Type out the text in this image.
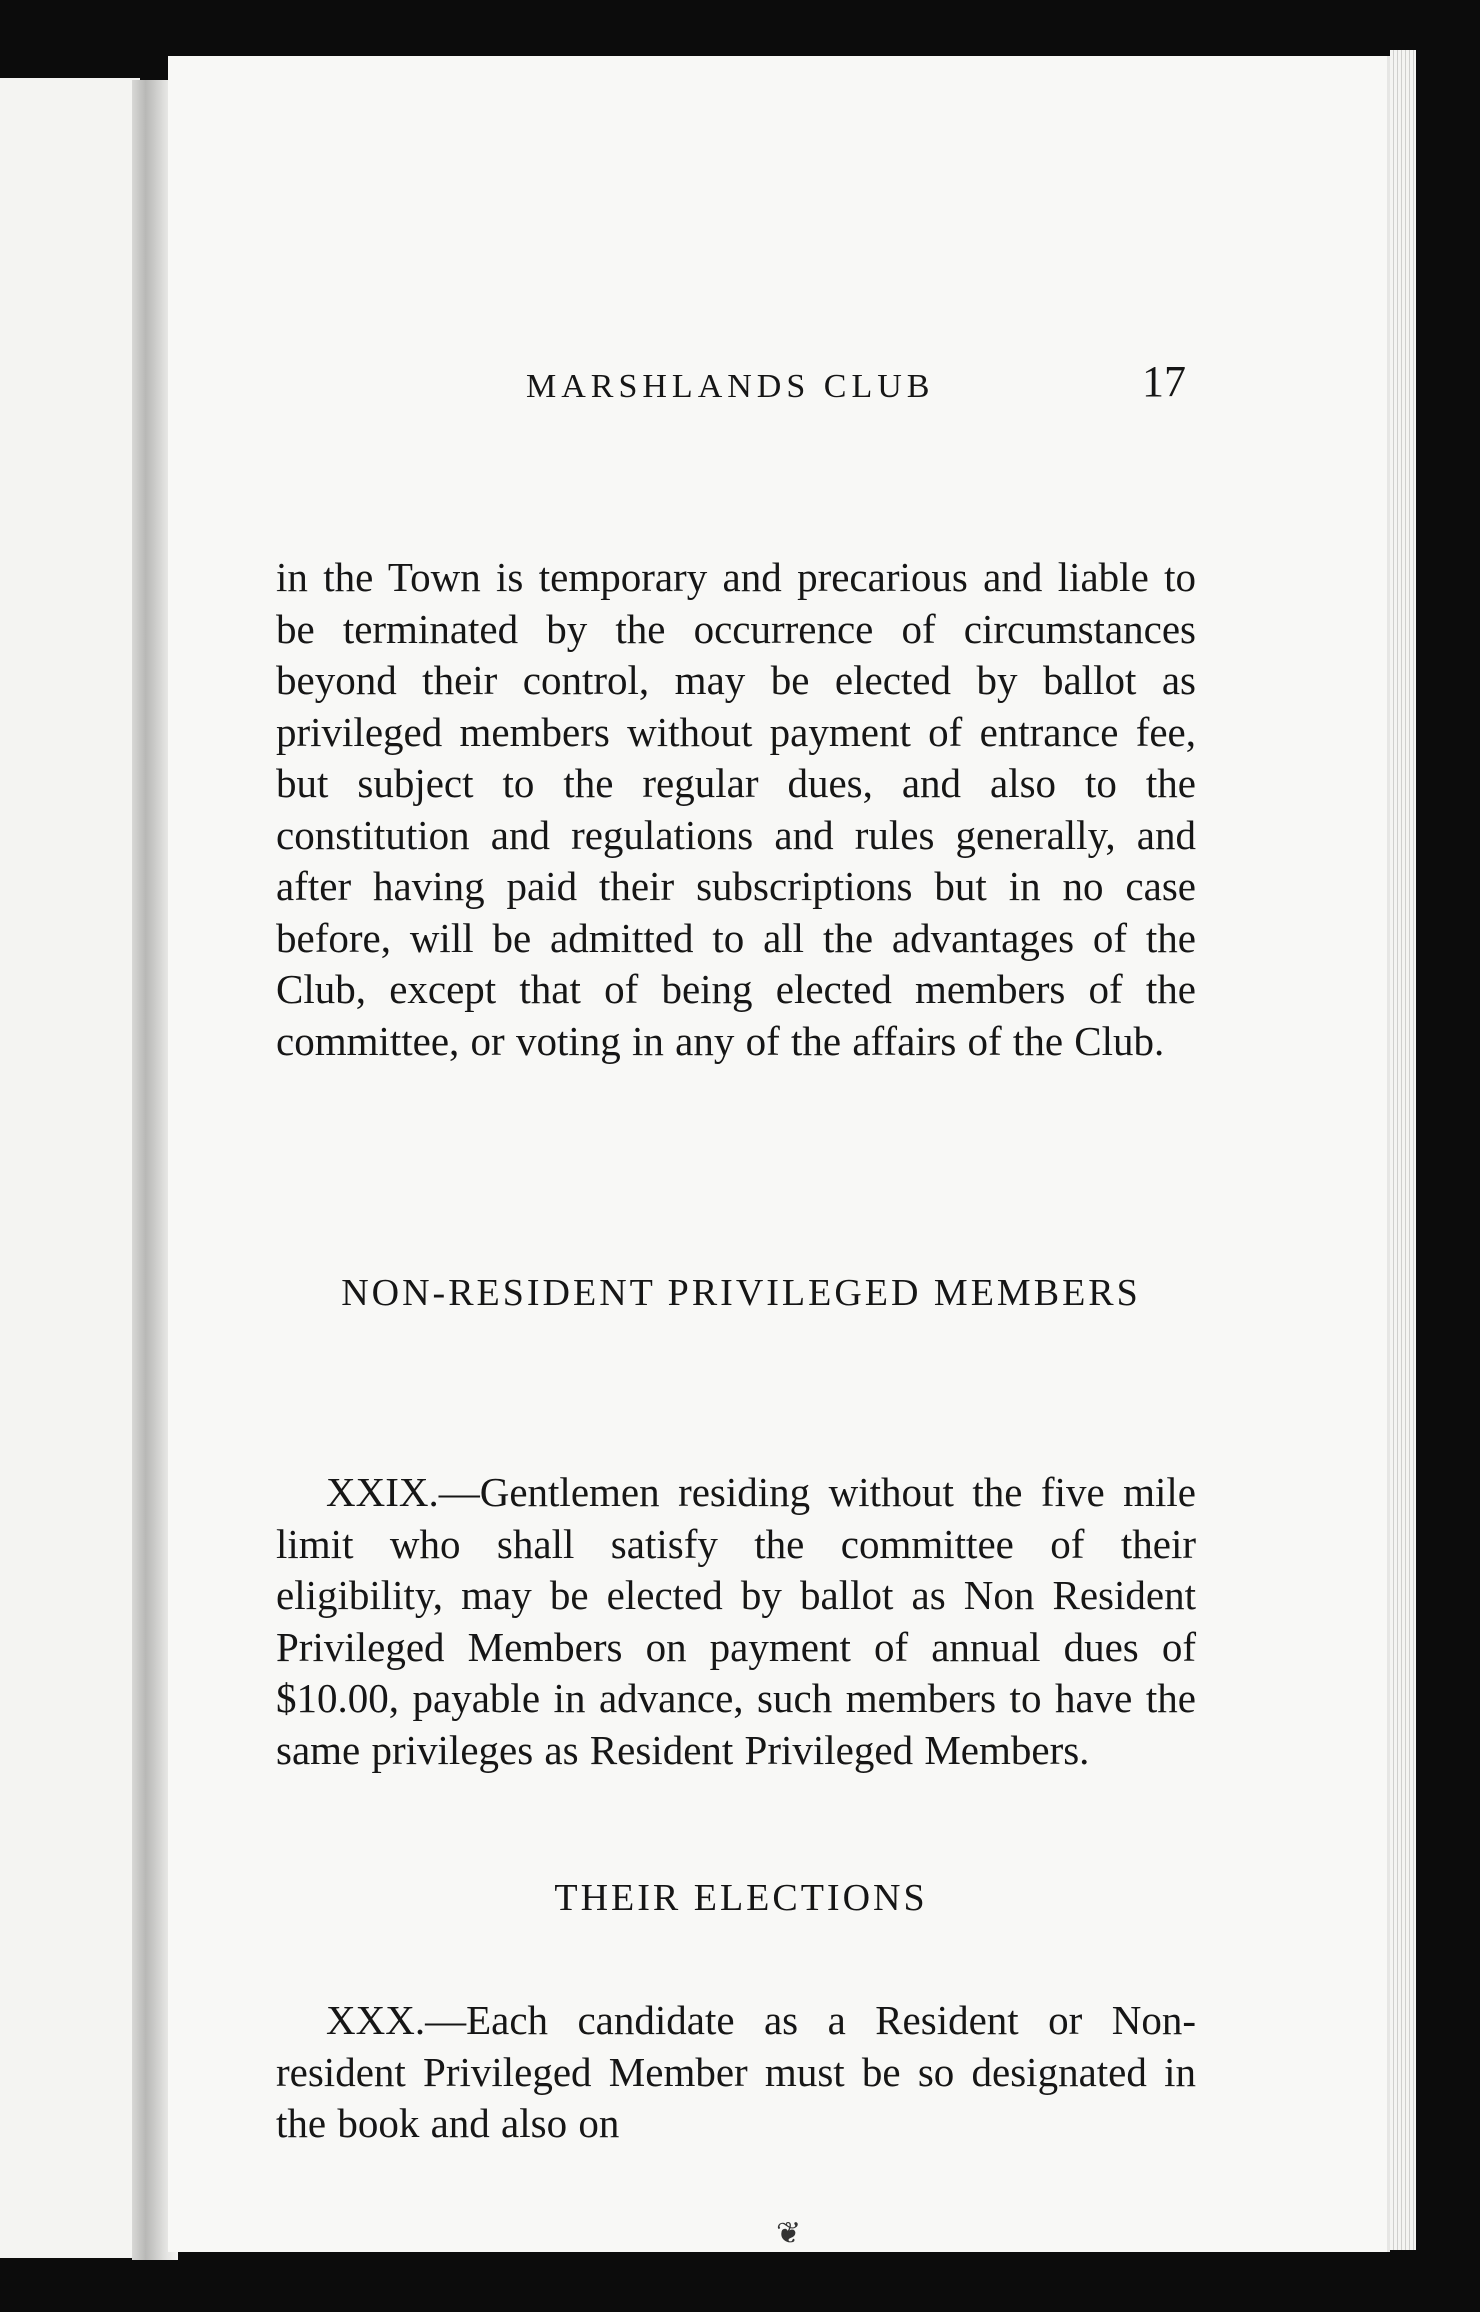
MARSHLANDS CLUB	17

in the Town is temporary and precarious and liable to be terminated by the occurrence of circumstances beyond their control, may be elected by ballot as privileged members without payment of entrance fee, but subject to the regular dues, and also to the constitution and regulations and rules generally, and after having paid their subscriptions but in no case before, will be admitted to all the advantages of the Club, except that of being elected members of the committee, or voting in any of the affairs of the Club.

NON-RESIDENT PRIVILEGED MEMBERS

XXIX.—Gentlemen residing without the five mile limit who shall satisfy the committee of their eligibility, may be elected by ballot as Non Resident Privileged Members on payment of annual dues of $10.00, payable in advance, such members to have the same privileges as Resident Privileged Members.

THEIR ELECTIONS

XXX.—Each candidate as a Resident or Non-resident Privileged Member must be so designated in the book and also on

❦
